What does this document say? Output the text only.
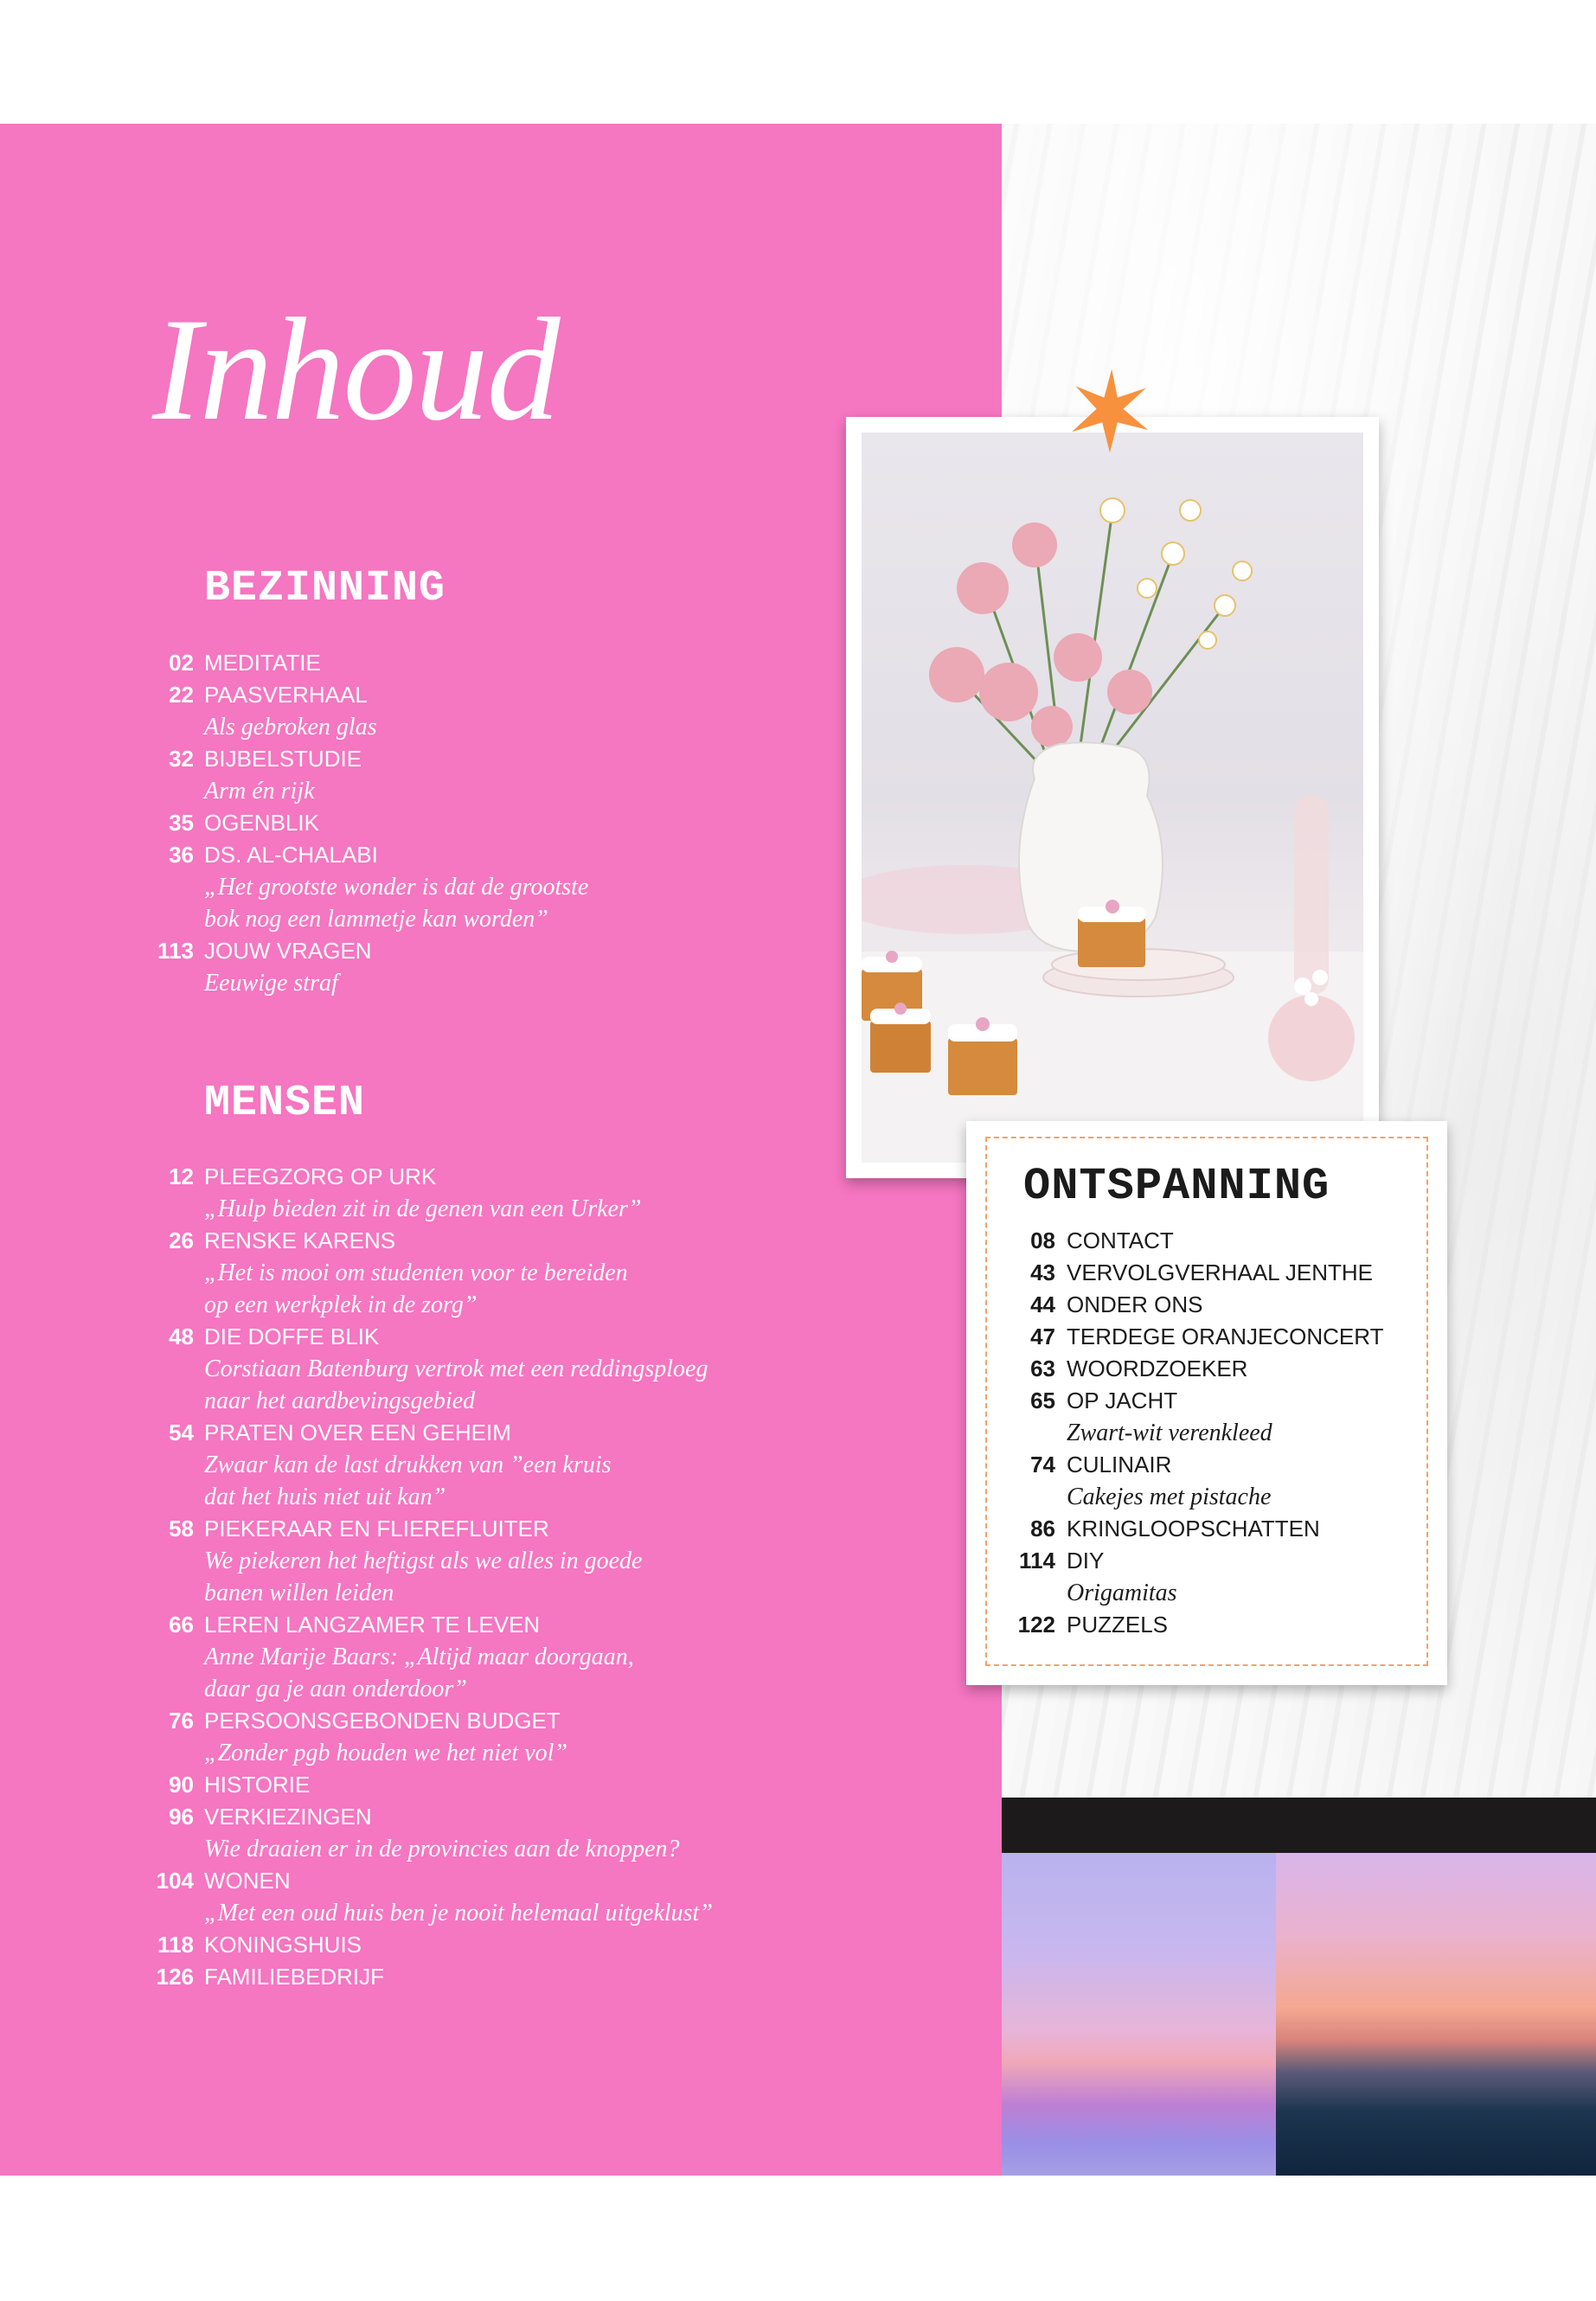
Inhoud
BEZINNING
02 MEDITATIE
22 PAASVERHAAL
Als gebroken glas
32 BIJBELSTUDIE
Arm én rijk
35 OGENBLIK
36 DS. AL-CHALABI
„Het grootste wonder is dat de grootste
bok nog een lammetje kan worden”
113 JOUW VRAGEN
Eeuwige straf
MENSEN
12 PLEEGZORG OP URK
„Hulp bieden zit in de genen van een Urker”
26 RENSKE KARENS
„Het is mooi om studenten voor te bereiden
op een werkplek in de zorg”
48 DIE DOFFE BLIK
Corstiaan Batenburg vertrok met een reddingsploeg
naar het aardbevingsgebied
54 PRATEN OVER EEN GEHEIM
Zwaar kan de last drukken van ”een kruis
dat het huis niet uit kan”
58 PIEKERAAR EN FLIEREFLUITER
We piekeren het heftigst als we alles in goede
banen willen leiden
66 LEREN LANGZAMER TE LEVEN
Anne Marije Baars: „Altijd maar doorgaan,
daar ga je aan onderdoor”
76 PERSOONSGEBONDEN BUDGET
„Zonder pgb houden we het niet vol”
90 HISTORIE
96 VERKIEZINGEN
Wie draaien er in de provincies aan de knoppen?
104 WONEN
„Met een oud huis ben je nooit helemaal uitgeklust”
118 KONINGSHUIS
126 FAMILIEBEDRIJF
ONTSPANNING
08 CONTACT
43 VERVOLGVERHAAL JENTHE
44 ONDER ONS
47 TERDEGE ORANJECONCERT
63 WOORDZOEKER
65 OP JACHT
Zwart-wit verenkleed
74 CULINAIR
Cakejes met pistache
86 KRINGLOOPSCHATTEN
114 DIY
Origamitas
122 PUZZELS
